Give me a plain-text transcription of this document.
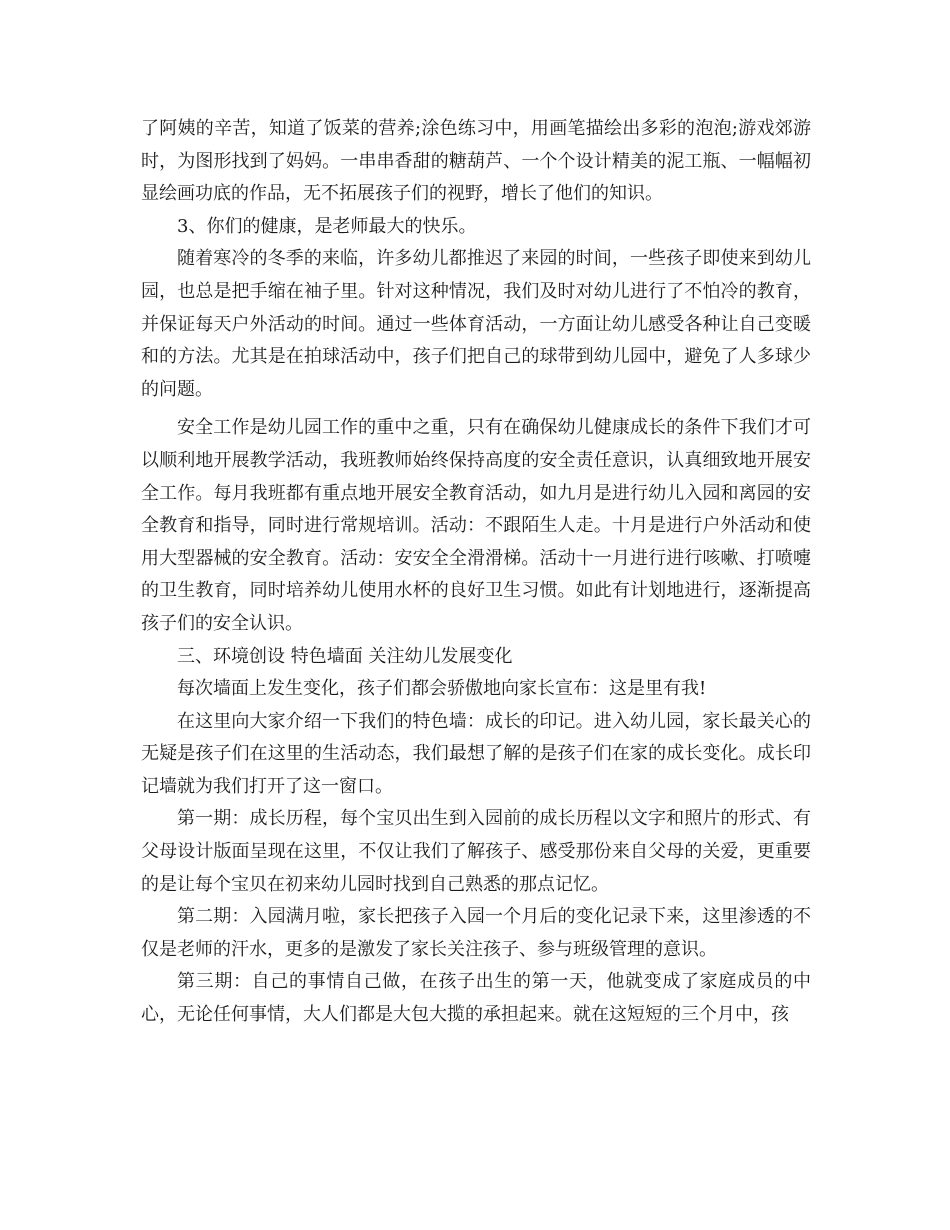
了阿姨的辛苦，知道了饭菜的营养;涂色练习中，用画笔描绘出多彩的泡泡;游戏郊游时，为图形找到了妈妈。一串串香甜的糖葫芦、一个个设计精美的泥工瓶、一幅幅初显绘画功底的作品，无不拓展孩子们的视野，增长了他们的知识。

3、你们的健康，是老师最大的快乐。

随着寒冷的冬季的来临，许多幼儿都推迟了来园的时间，一些孩子即使来到幼儿园，也总是把手缩在袖子里。针对这种情况，我们及时对幼儿进行了不怕冷的教育，并保证每天户外活动的时间。通过一些体育活动，一方面让幼儿感受各种让自己变暖和的方法。尤其是在拍球活动中，孩子们把自己的球带到幼儿园中，避免了人多球少的问题。

安全工作是幼儿园工作的重中之重，只有在确保幼儿健康成长的条件下我们才可以顺利地开展教学活动，我班教师始终保持高度的安全责任意识，认真细致地开展安全工作。每月我班都有重点地开展安全教育活动，如九月是进行幼儿入园和离园的安全教育和指导，同时进行常规培训。活动：不跟陌生人走。十月是进行户外活动和使用大型器械的安全教育。活动：安安全全滑滑梯。活动十一月进行进行咳嗽、打喷嚏的卫生教育，同时培养幼儿使用水杯的良好卫生习惯。如此有计划地进行，逐渐提高孩子们的安全认识。

三、环境创设 特色墙面 关注幼儿发展变化

每次墙面上发生变化，孩子们都会骄傲地向家长宣布：这是里有我!

在这里向大家介绍一下我们的特色墙：成长的印记。进入幼儿园，家长最关心的无疑是孩子们在这里的生活动态，我们最想了解的是孩子们在家的成长变化。成长印记墙就为我们打开了这一窗口。

第一期：成长历程，每个宝贝出生到入园前的成长历程以文字和照片的形式、有父母设计版面呈现在这里，不仅让我们了解孩子、感受那份来自父母的关爱，更重要的是让每个宝贝在初来幼儿园时找到自己熟悉的那点记忆。

第二期：入园满月啦，家长把孩子入园一个月后的变化记录下来，这里渗透的不仅是老师的汗水，更多的是激发了家长关注孩子、参与班级管理的意识。

第三期：自己的事情自己做，在孩子出生的第一天，他就变成了家庭成员的中心，无论任何事情，大人们都是大包大揽的承担起来。就在这短短的三个月中，孩
